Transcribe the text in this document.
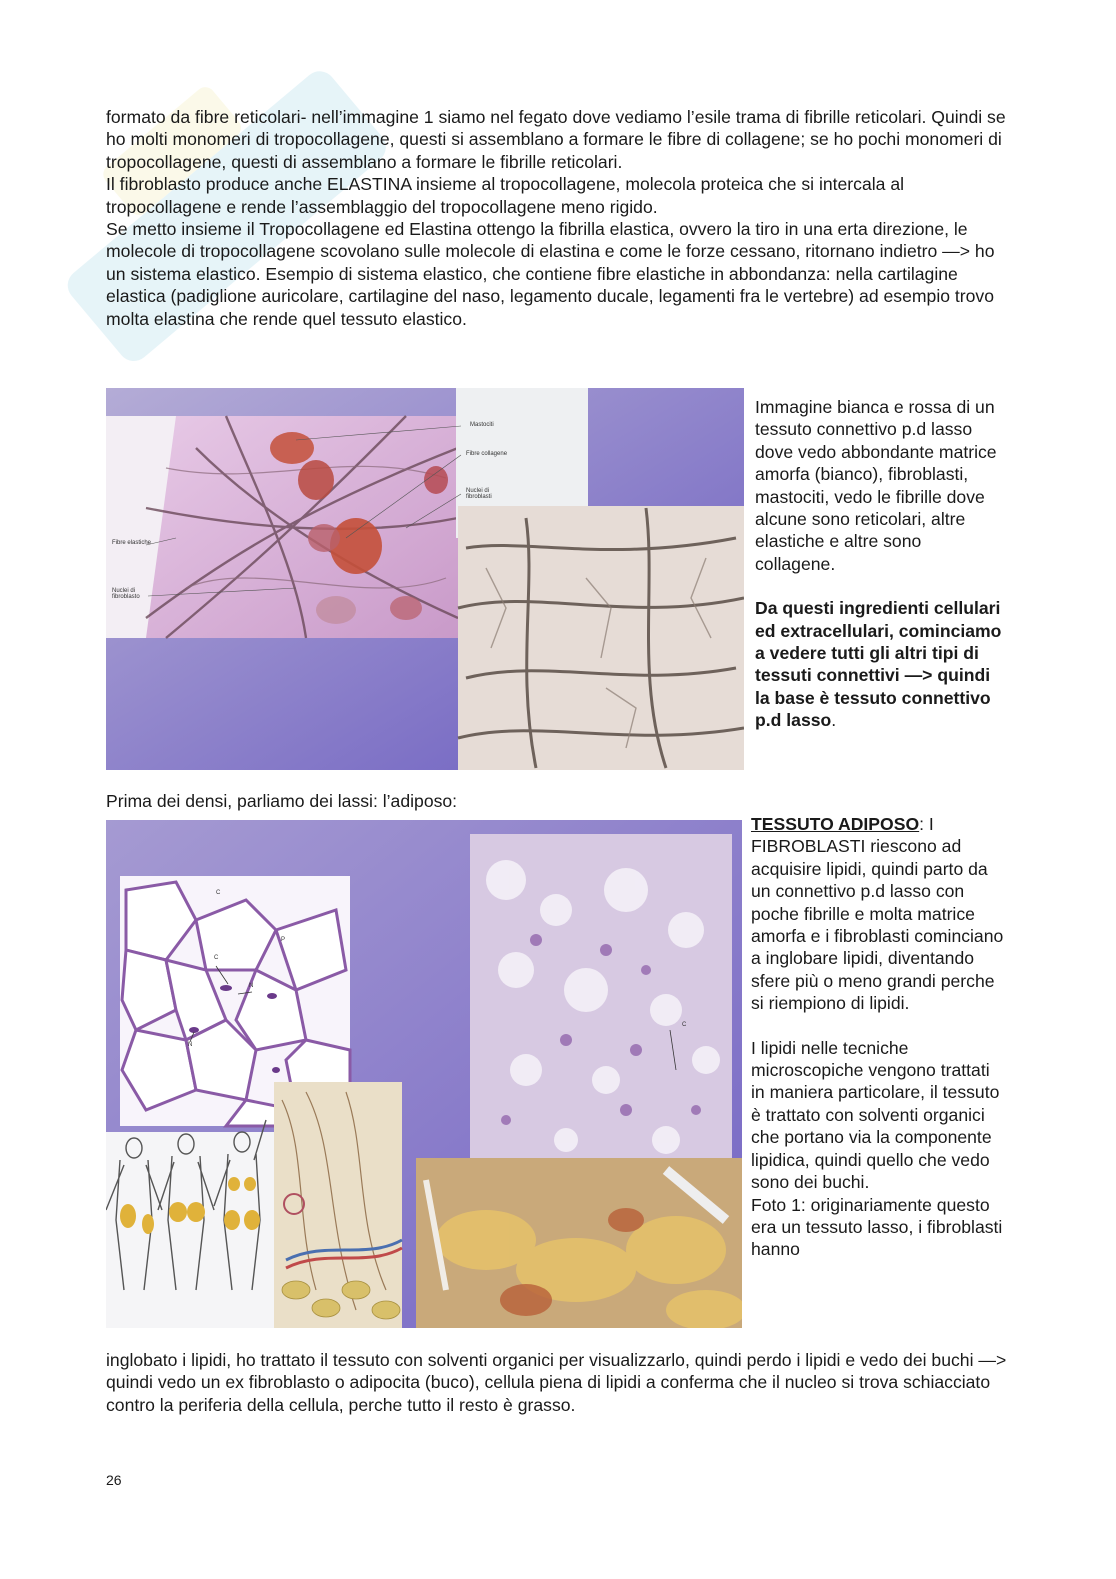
formato da fibre reticolari- nell’immagine 1 siamo nel fegato dove vediamo l’esile trama di fibrille reticolari. Quindi se ho molti monomeri di tropocollagene, questi si assemblano a formare le fibre di collagene; se ho pochi monomeri di tropocollagene, questi di assemblano a formare le fibrille reticolari.

Il fibroblasto produce anche ELASTINA insieme al tropocollagene, molecola proteica che si intercala al tropocollagene e rende l’assemblaggio del tropocollagene meno rigido.

Se metto insieme il Tropocollagene ed Elastina ottengo la fibrilla elastica, ovvero la tiro in una erta direzione, le molecole di tropocollagene scovolano sulle molecole di elastina e come le forze cessano, ritornano indietro —> ho un sistema elastico. Esempio di sistema elastico, che contiene fibre elastiche in abbondanza: nella cartilagine elastica (padiglione auricolare, cartilagine del naso, legamento ducale, legamenti fra le vertebre) ad esempio trovo molta elastina che rende quel tessuto elastico.

Mastociti
Fibre collagene
Nuclei di fibroblasti
Fibre elastiche
Nuclei di fibroblasto

Immagine bianca e rossa di un tessuto connettivo p.d lasso dove vedo abbondante matrice amorfa (bianco), fibroblasti, mastociti, vedo le fibrille dove alcune sono reticolari, altre elastiche e altre sono collagene.

Da questi ingredienti cellulari ed extracellulari, cominciamo a vedere tutti gli altri tipi di tessuti connettivi —> quindi la base è tessuto connettivo p.d lasso.

Prima dei densi, parliamo dei lassi: l’adiposo:
C
P
C
N
N
C

TESSUTO ADIPOSO: I FIBROBLASTI riescono ad acquisire lipidi, quindi parto da un connettivo p.d lasso con poche fibrille e molta matrice amorfa e i fibroblasti cominciano a inglobare lipidi, diventando sfere più o meno grandi perche si riempiono di lipidi.

I lipidi nelle tecniche microscopiche vengono trattati in maniera particolare, il tessuto è trattato con solventi organici che portano via la componente lipidica, quindi quello che vedo sono dei buchi.

Foto 1: originariamente questo era un tessuto lasso, i fibroblasti hanno

inglobato i lipidi, ho trattato il tessuto con solventi organici per visualizzarlo, quindi perdo i lipidi e vedo dei buchi —> quindi vedo un ex fibroblasto o adipocita (buco), cellula piena di lipidi a conferma che il nucleo si trova schiacciato contro la periferia della cellula, perche tutto il resto è grasso.
26
